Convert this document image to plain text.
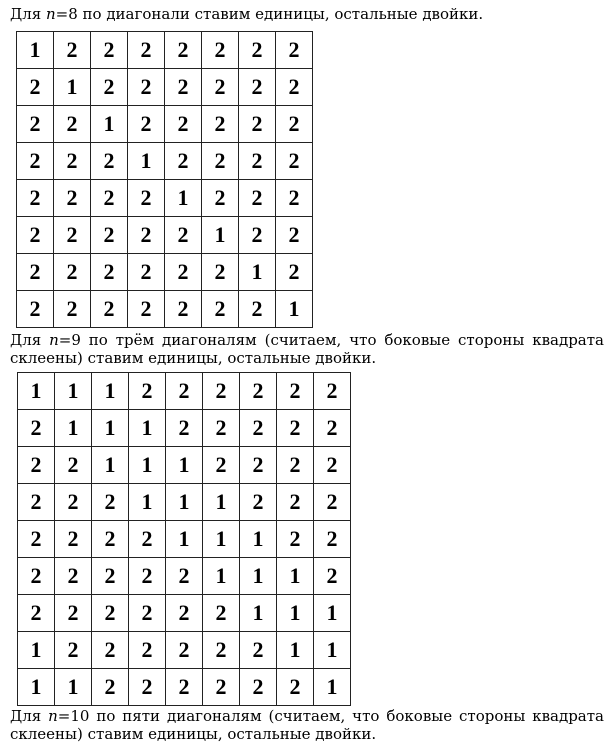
Для n=8 по диагонали ставим единицы, остальные двойки.
1	2	2	2	2	2	2	2
2	1	2	2	2	2	2	2
2	2	1	2	2	2	2	2
2	2	2	1	2	2	2	2
2	2	2	2	1	2	2	2
2	2	2	2	2	1	2	2
2	2	2	2	2	2	1	2
2	2	2	2	2	2	2	1
Для n=9 по трём диагоналям (считаем, что боковые стороны квадрата склеены) ставим единицы, остальные двойки.
1	1	1	2	2	2	2	2	2
2	1	1	1	2	2	2	2	2
2	2	1	1	1	2	2	2	2
2	2	2	1	1	1	2	2	2
2	2	2	2	1	1	1	2	2
2	2	2	2	2	1	1	1	2
2	2	2	2	2	2	1	1	1
1	2	2	2	2	2	2	1	1
1	1	2	2	2	2	2	2	1
Для n=10 по пяти диагоналям (считаем, что боковые стороны квадрата склеены) ставим единицы, остальные двойки.
